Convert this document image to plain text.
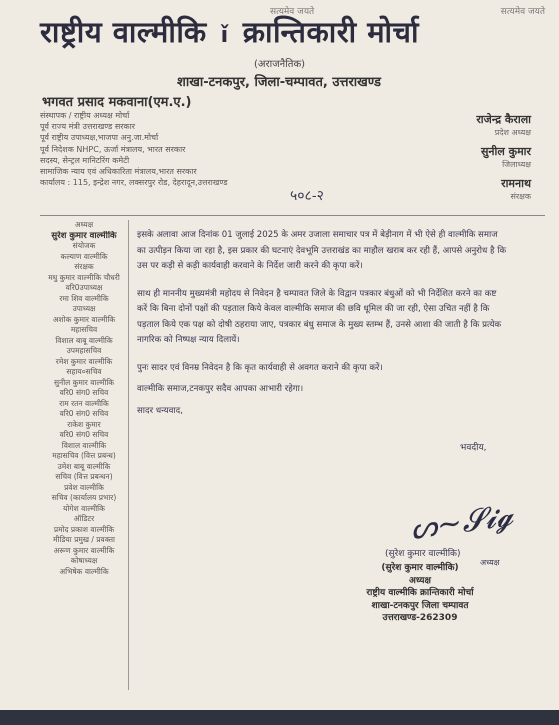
सत्यमेव जयते	सत्यमेव जयते
राष्ट्रीय वाल्मीकि ǐ क्रान्तिकारी मोर्चा
(अराजनैतिक)
शाखा-टनकपुर, जिला-चम्पावत, उत्तराखण्ड
भगवत प्रसाद मकवाना(एम.ए.)
संस्थापक / राष्ट्रीय अध्यक्ष मोर्चा
पूर्व राज्य मंत्री उत्तराखण्ड सरकार
पूर्व राष्ट्रीय उपाध्यक्ष,भाजपा अनु.जा.मोर्चा
पूर्व निदेशक NHPC, ऊर्जा मंत्रालय, भारत सरकार
सदस्य, सेन्ट्रल मानिटरिंग कमेटी
सामाजिक न्याय एवं अधिकारिता मंत्रालय,भारत सरकार
कार्यालय : 115, इन्द्रेश नगर, लक्सरपुर रोड, देहरादून,उत्तराखण्ड
राजेन्द्र कैराला
प्रदेश अध्यक्ष
सुनील कुमार
जिलाध्यक्ष
रामनाथ
संरक्षक
५०८-२
अध्यक्ष
सुरेश कुमार वाल्मीकि
संयोजक
कल्याण वाल्मीकि
संरक्षक
मधु कुमार वाल्मीकि चौधरी
वरि0उपाध्यक्ष
रमा शिव वाल्मीकि
उपाध्यक्ष
अशोक कुमार वाल्मीकि
महासचिव
विशाल बाबू वाल्मीकि
उपमहासचिव
रमेश कुमार वाल्मीकि
सहाय०सचिव
सुनील कुमार वाल्मीकि
वरि0 संग0 सचिव
राम रतन वाल्मीकि
वरि0 संग0 सचिव
राकेश कुमार
वरि0 संग0 सचिव
विशाल वाल्मीकि
महासचिव (वित्त प्रबन्ध)
उमेश बाबू वाल्मीकि
सचिव (वित्त प्रबन्धन)
प्रवेश वाल्मीकि
सचिव (कार्यालय प्रभार)
योगेश वाल्मीकि
ऑडिटर
प्रमोद प्रकाश वाल्मीकि
मीडिया प्रमुख / प्रवक्ता
अरूण कुमार वाल्मीकि
कोषाध्यक्ष
अभिषेक वाल्मीकि

इसके अलावा आज दिनांक 01 जुलाई 2025 के अमर उजाला समाचार पत्र में बेड़ीनाग में भी ऐसे ही वाल्मीकि समाज का उत्पीड़न किया जा रहा है, इस प्रकार की घटनाएं देवभूमि उत्तराखंड का माहौल खराब कर रही हैं, आपसे अनुरोध है कि उस पर कड़ी से कड़ी कार्यवाही करवाने के निर्देश जारी करने की कृपा करें।

साथ ही माननीय मुख्यमंत्री महोदय से निवेदन है चम्पावत जिले के विद्वान पत्रकार बंधुओं को भी निर्देशित करने का कष्ट करें कि बिना दोनों पक्षों की पड़ताल किये केवल वाल्मीकि समाज की छवि धूमिल की जा रही, ऐसा उचित नहीं है कि पड़ताल किये एक पक्ष को दोषी ठहराया जाए, पत्रकार बंधु समाज के मुख्य स्तम्भ हैं, उनसे आशा की जाती है कि प्रत्येक नागरिक को निष्पक्ष न्याय दिलायें।

पुनः सादर एवं विनम्र निवेदन है कि कृत कार्यवाही से अवगत कराने की कृपा करें।

वाल्मीकि समाज,टनकपुर सदैव आपका आभारी रहेगा।

सादर धन्यवाद,

भवदीय,
ᔕ~𝓢𝓲𝓰
(सुरेश कुमार वाल्मीकि)
अध्यक्ष
(सुरेश कुमार वाल्मीकि)
अध्यक्ष
राष्ट्रीय वाल्मीकि क्रान्तिकारी मोर्चा
शाखा-टनकपुर जिला चम्पावत
उत्तराखण्ड-262309
